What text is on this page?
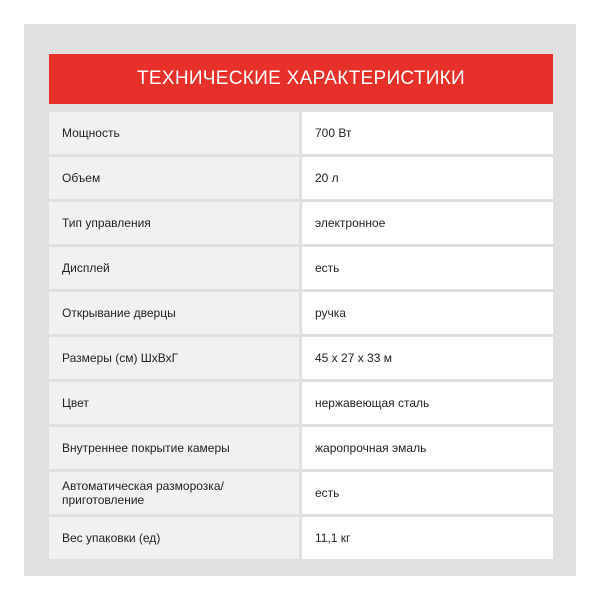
ТЕХНИЧЕСКИЕ ХАРАКТЕРИСТИКИ
Мощность	700 Вт
Объем	20 л
Тип управления	электронное
Дисплей	есть
Открывание дверцы	ручка
Размеры (см) ШхВхГ	45 х 27 х 33 м
Цвет	нержавеющая сталь
Внутреннее покрытие камеры	жаропрочная эмаль
Автоматическая разморозка/приготовление	есть
Вес упаковки (ед)	11,1 кг
